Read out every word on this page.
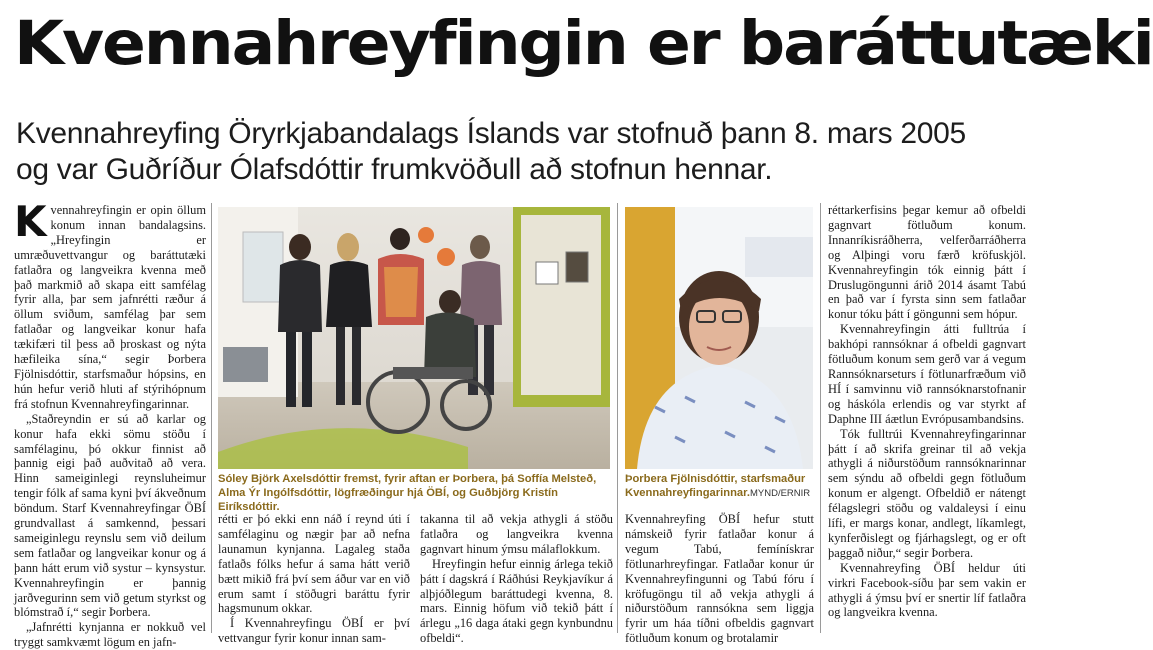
Kvennahreyfingin er baráttutæki
Kvennahreyfing Öryrkjabandalags Íslands var stofnuð þann 8. mars 2005
og var Guðríður Ólafsdóttir frumkvöðull að stofnun hennar.

Kvennahreyfingin er opin öllum konum innan bandalagsins. „Hreyfingin er umræðuvettvangur og baráttutæki fatlaðra og langveikra kvenna með það markmið að skapa eitt samfélag fyrir alla, þar sem jafnrétti ræður á öllum sviðum, samfélag þar sem fatlaðar og langveikar konur hafa tækifæri til þess að þroskast og nýta hæfileika sína,“ segir Þorbera Fjölnisdóttir, starfsmaður hópsins, en hún hefur verið hluti af stýrihópnum frá stofnun Kvennahreyfingarinnar.

„Staðreyndin er sú að karlar og konur hafa ekki sömu stöðu í samfélaginu, þó okkur finnist að þannig eigi það auðvitað að vera. Hinn sameiginlegi reynsluheimur tengir fólk af sama kyni því ákveðnum böndum. Starf Kvennahreyfingar ÖBÍ grundvallast á samkennd, þessari sameiginlegu reynslu sem við deilum sem fatlaðar og langveikar konur og á þann hátt erum við systur – kynsystur. Kvennahreyfingin er þannig jarðvegurinn sem við getum styrkst og blómstrað í,“ segir Þorbera.

„Jafnrétti kynjanna er nokkuð vel tryggt samkvæmt lögum en jafn-

Sóley Björk Axelsdóttir fremst, fyrir aftan er Þorbera, þá Soffía Melsteð, Alma Ýr Ingólfsdóttir, lögfræðingur hjá ÖBÍ, og Guðbjörg Kristín Eiríksdóttir.
Þorbera Fjölnisdóttir, starfsmaður Kvennahreyfingarinnar.MYND/ERNIR

rétti er þó ekki enn náð í reynd úti í samfélaginu og nægir þar að nefna launamun kynjanna. Lagaleg staða fatlaðs fólks hefur á sama hátt verið bætt mikið frá því sem áður var en við erum samt í stöðugri baráttu fyrir hagsmunum okkar.

Í Kvennahreyfingu ÖBÍ er því vettvangur fyrir konur innan sam-

takanna til að vekja athygli á stöðu fatlaðra og langveikra kvenna gagnvart hinum ýmsu málaflokkum.

Hreyfingin hefur einnig árlega tekið þátt í dagskrá í Ráðhúsi Reykjavíkur á alþjóðlegum baráttudegi kvenna, 8. mars. Einnig höfum við tekið þátt í árlegu „16 daga átaki gegn kynbundnu ofbeldi“.

Kvennahreyfing ÖBÍ hefur stutt námskeið fyrir fatlaðar konur á vegum Tabú, femínískrar fötlunarhreyfingar. Fatlaðar konur úr Kvennahreyfingunni og Tabú fóru í kröfugöngu til að vekja athygli á niðurstöðum rannsókna sem liggja fyrir um háa tíðni ofbeldis gagnvart fötluðum konum og brotalamir

réttarkerfisins þegar kemur að ofbeldi gagnvart fötluðum konum. Innanríkisráðherra, velferðarráðherra og Alþingi voru færð kröfuskjöl. Kvennahreyfingin tók einnig þátt í Druslugöngunni árið 2014 ásamt Tabú en það var í fyrsta sinn sem fatlaðar konur tóku þátt í göngunni sem hópur.

Kvennahreyfingin átti fulltrúa í bakhópi rannsóknar á ofbeldi gagnvart fötluðum konum sem gerð var á vegum Rannsóknarseturs í fötlunarfræðum við HÍ í samvinnu við rannsóknarstofnanir og háskóla erlendis og var styrkt af Daphne III áætlun Evrópusambandsins.

Tók fulltrúi Kvennahreyfingarinnar þátt í að skrifa greinar til að vekja athygli á niðurstöðum rannsóknarinnar sem sýndu að ofbeldi gegn fötluðum konum er algengt. Ofbeldið er nátengt félagslegri stöðu og valdaleysi í einu lífi, er margs konar, andlegt, líkamlegt, kynferðislegt og fjárhagslegt, og er oft þaggað niður,“ segir Þorbera.

Kvennahreyfing ÖBÍ heldur úti virkri Facebook-síðu þar sem vakin er athygli á ýmsu því er snertir líf fatlaðra og langveikra kvenna.
